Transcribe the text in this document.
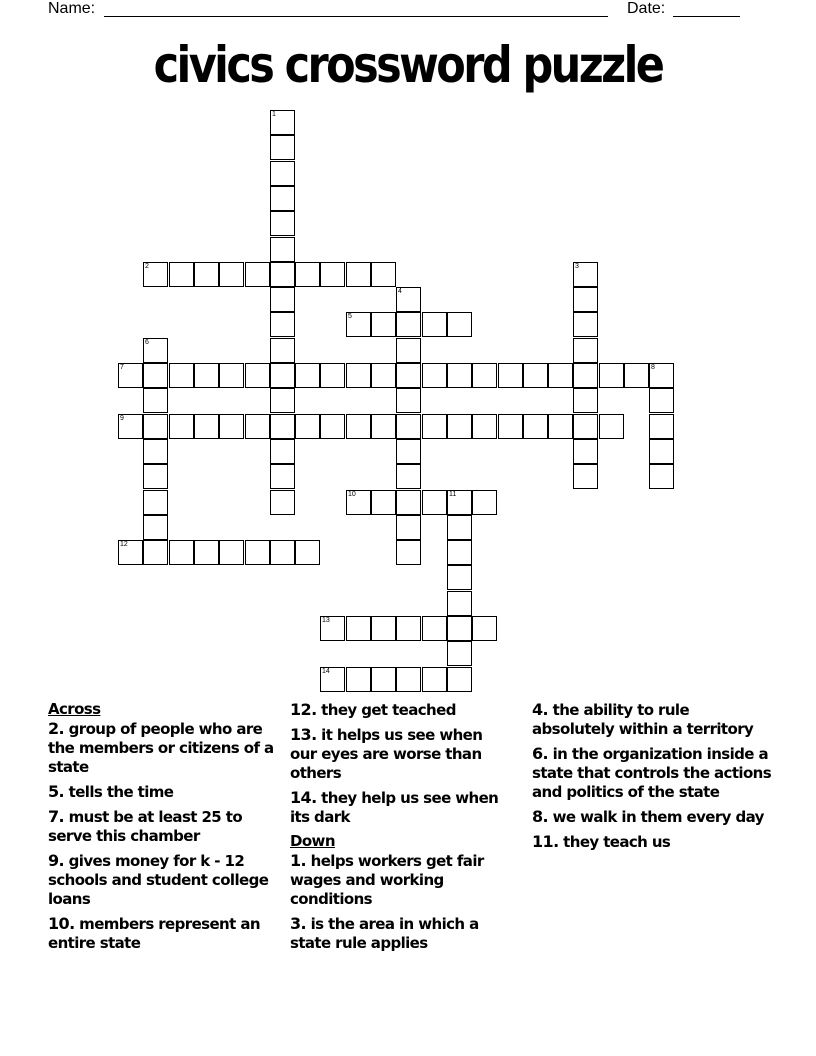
Name:	Date:
civics crossword puzzle
1
2	3
4
5
6
7	8
9
10	11
12
13
14
Across
2. group of people who are the members or citizens of a state
5. tells the time
7. must be at least 25 to serve this chamber
9. gives money for k - 12 schools and student college loans
10. members represent an entire state
12. they get teached
13. it helps us see when our eyes are worse than others
14. they help us see when its dark
Down
1. helps workers get fair wages and working conditions
3. is the area in which a state rule applies
4. the ability to rule absolutely within a territory
6. in the organization inside a state that controls the actions and politics of the state
8. we walk in them every day
11. they teach us
